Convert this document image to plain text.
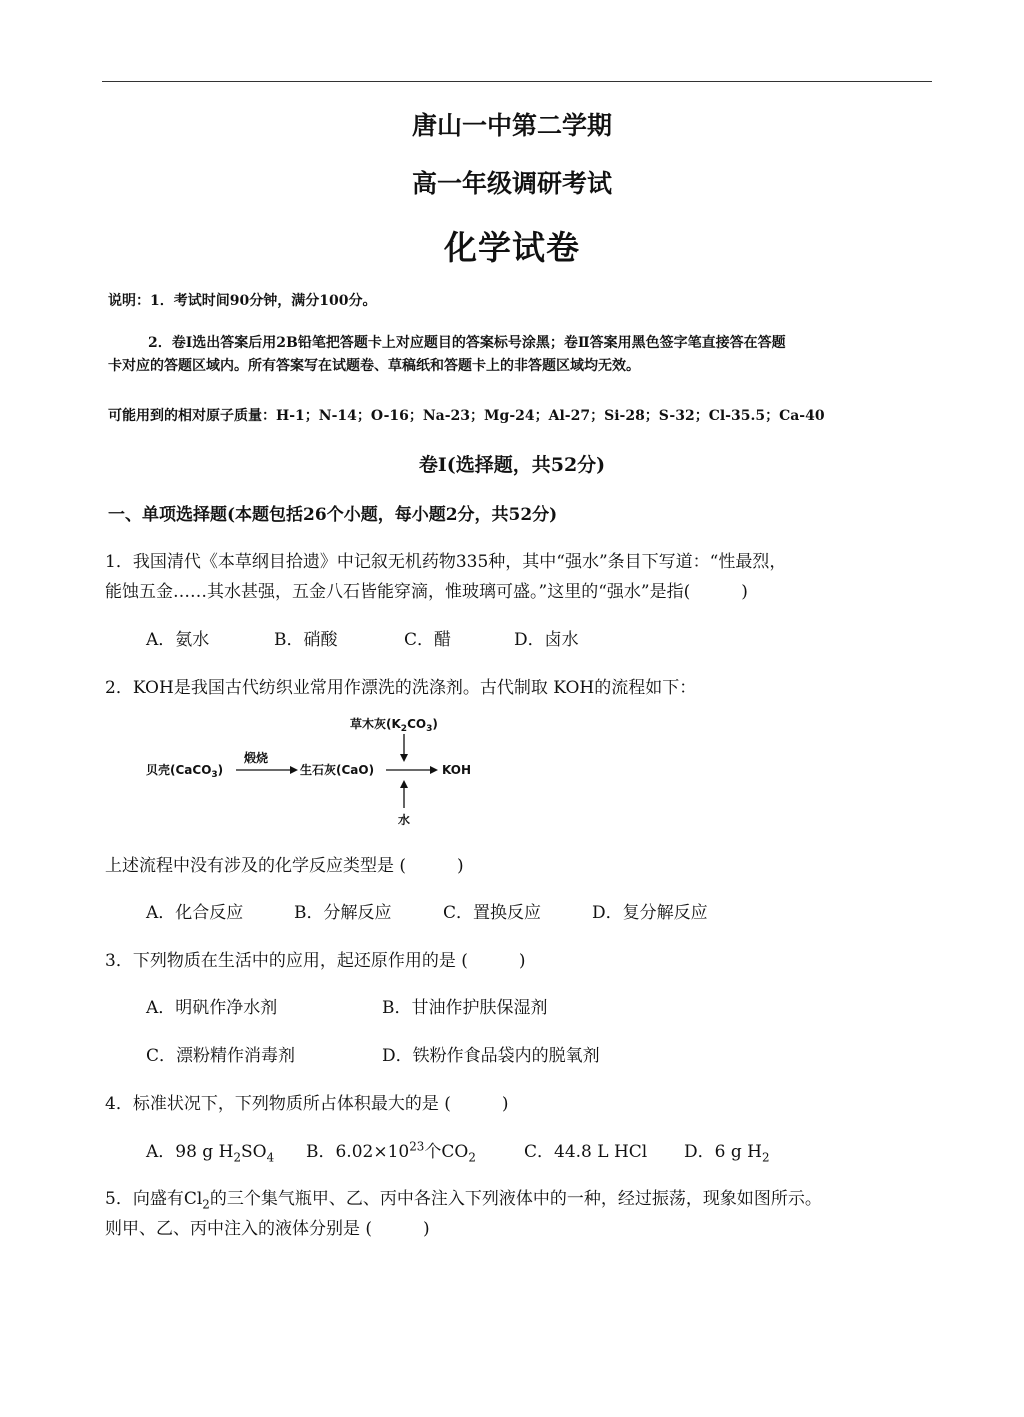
唐山一中第二学期
高一年级调研考试
化学试卷
说明：1．考试时间90分钟，满分100分。
2．卷Ⅰ选出答案后用2B铅笔把答题卡上对应题目的答案标号涂黑；卷Ⅱ答案用黑色签字笔直接答在答题
卡对应的答题区域内。所有答案写在试题卷、草稿纸和答题卡上的非答题区域均无效。
可能用到的相对原子质量：H-1；N-14；O-16；Na-23；Mg-24；Al-27；Si-28；S-32；Cl-35.5；Ca-40
卷Ⅰ(选择题，共52分)
一、单项选择题(本题包括26个小题，每小题2分，共52分)
1．我国清代《本草纲目拾遗》中记叙无机药物335种，其中“强水”条目下写道：“性最烈，
能蚀五金……其水甚强，五金八石皆能穿滴，惟玻璃可盛。”这里的“强水”是指(　　　)
A．氨水	B．硝酸	C．醋	D．卤水
2．KOH是我国古代纺织业常用作漂洗的洗涤剂。古代制取 KOH的流程如下：
贝壳(CaCO$_3$)
煅烧
生石灰(CaO)
草木灰$(K_2CO_3)$
KOH
水
上述流程中没有涉及的化学反应类型是 (　　　)
A．化合反应	B．分解反应	C．置换反应	D．复分解反应
3．下列物质在生活中的应用，起还原作用的是 (　　　)
A．明矾作净水剂	B．甘油作护肤保湿剂
C．漂粉精作消毒剂	D．铁粉作食品袋内的脱氧剂
4．标准状况下，下列物质所占体积最大的是 (　　　)
A．98 g $H_2SO_4$ B．$6.02\times 10^{23}$个$CO_2$	C．44.8 L HCl D．6 g $H_2$
5．向盛有$Cl_2$的三个集气瓶甲、乙、丙中各注入下列液体中的一种，经过振荡，现象如图所示。
则甲、乙、丙中注入的液体分别是 (　　　)
